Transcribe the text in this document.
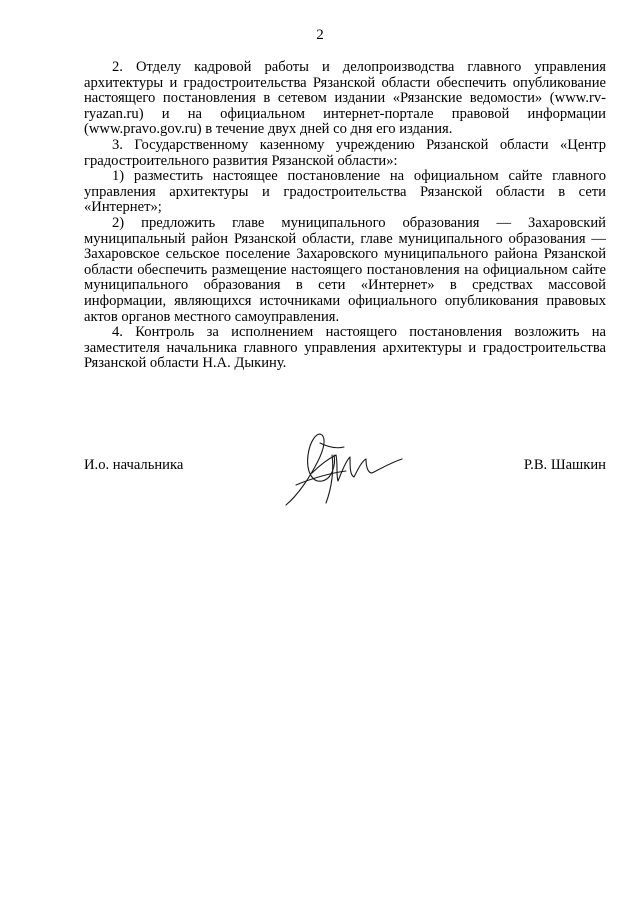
2

2. Отделу кадровой работы и делопроизводства главного управления архитектуры и градостроительства Рязанской области обеспечить опубликование настоящего постановления в сетевом издании «Рязанские ведомости» (www.rv-ryazan.ru) и на официальном интернет-портале правовой информации (www.pravo.gov.ru) в течение двух дней со дня его издания.

3. Государственному казенному учреждению Рязанской области «Центр градостроительного развития Рязанской области»:

1) разместить настоящее постановление на официальном сайте главного управления архитектуры и градостроительства Рязанской области в сети «Интернет»;

2) предложить главе муниципального образования — Захаровский муниципальный район Рязанской области, главе муниципального образования — Захаровское сельское поселение Захаровского муниципального района Рязанской области обеспечить размещение настоящего постановления на официальном сайте муниципального образования в сети «Интернет» в средствах массовой информации, являющихся источниками официального опубликования правовых актов органов местного самоуправления.

4. Контроль за исполнением настоящего постановления возложить на заместителя начальника главного управления архитектуры и градостроительства Рязанской области Н.А. Дыкину.

И.о. начальника	Р.В. Шашкин
